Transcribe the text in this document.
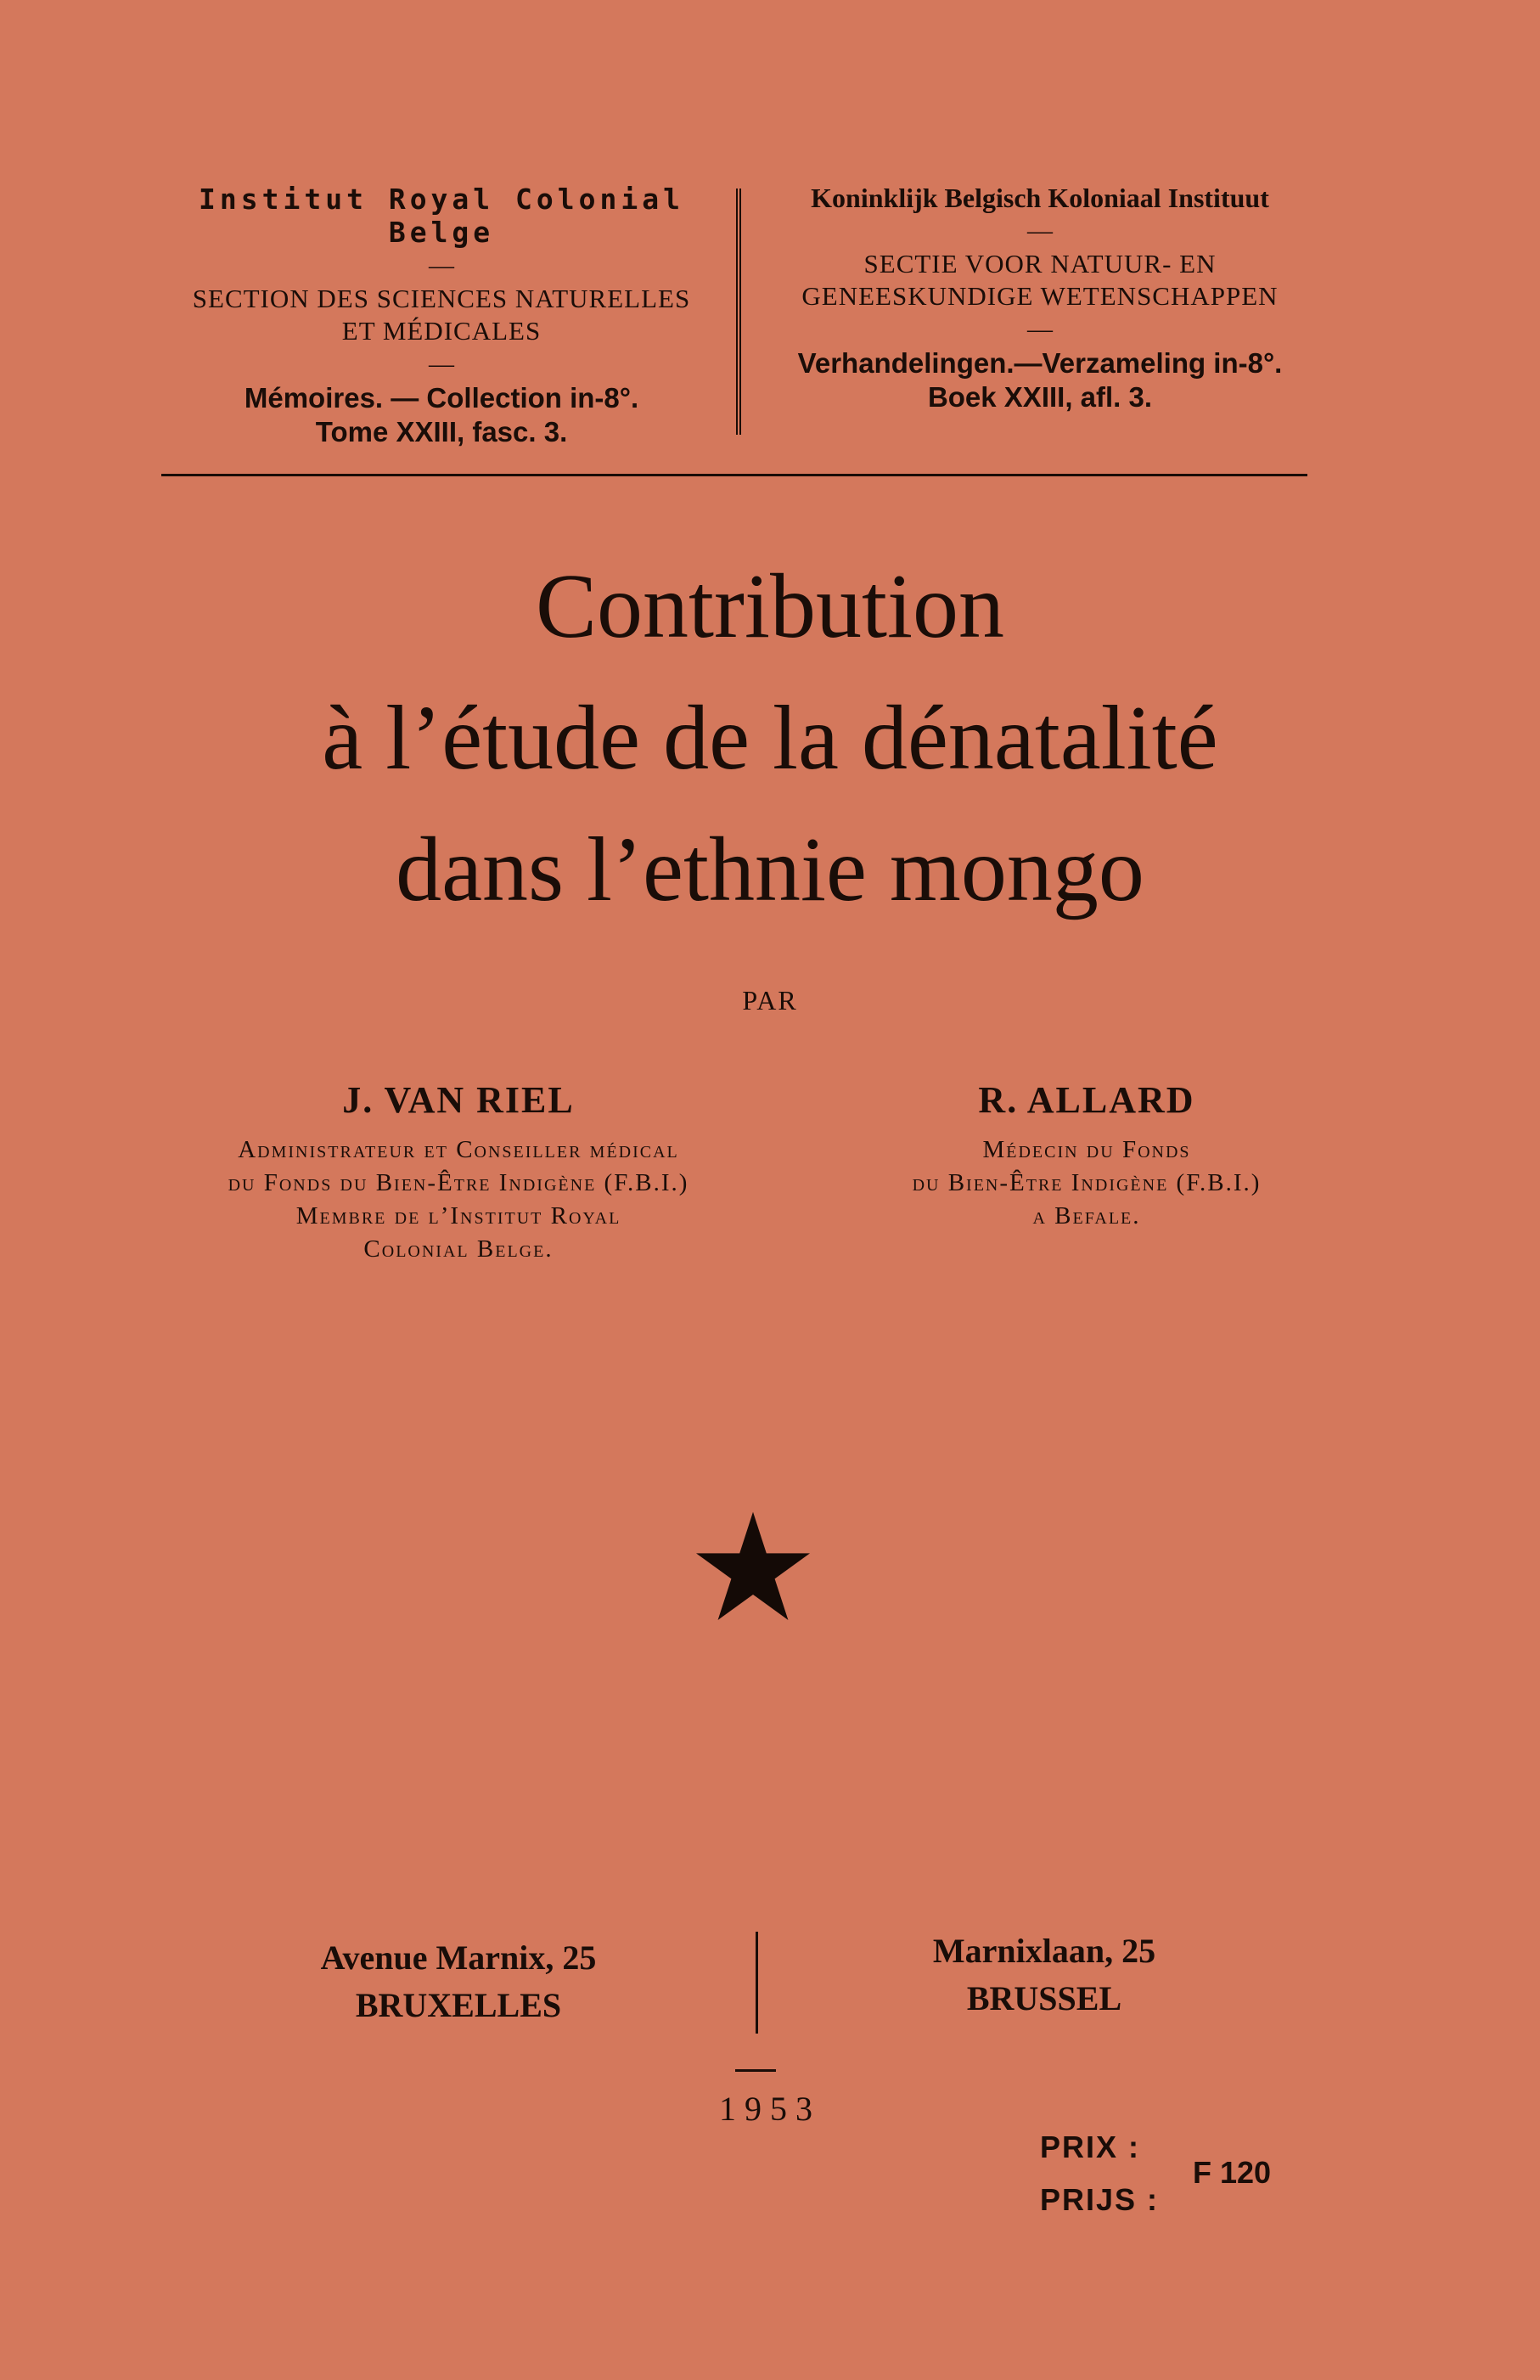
Institut Royal Colonial Belge
—
SECTION DES SCIENCES NATURELLES
ET MÉDICALES
—
Mémoires. — Collection in-8°.
Tome XXIII, fasc. 3.
Koninklijk Belgisch Koloniaal Instituut
—
SECTIE VOOR NATUUR- EN
GENEESKUNDIGE WETENSCHAPPEN
—
Verhandelingen.—Verzameling in-8°.
Boek XXIII, afl. 3.
Contribution
à l’étude de la dénatalité
dans l’ethnie mongo
PAR
J. VAN RIEL
Administrateur et Conseiller médical
du Fonds du Bien-Être Indigène (F.B.I.)
Membre de l’Institut Royal
Colonial Belge.
R. ALLARD
Médecin du Fonds
du Bien-Être Indigène (F.B.I.)
a Befale.
Avenue Marnix, 25
BRUXELLES
Marnixlaan, 25
BRUSSEL
1953
PRIX :
PRIJS :
F 120
